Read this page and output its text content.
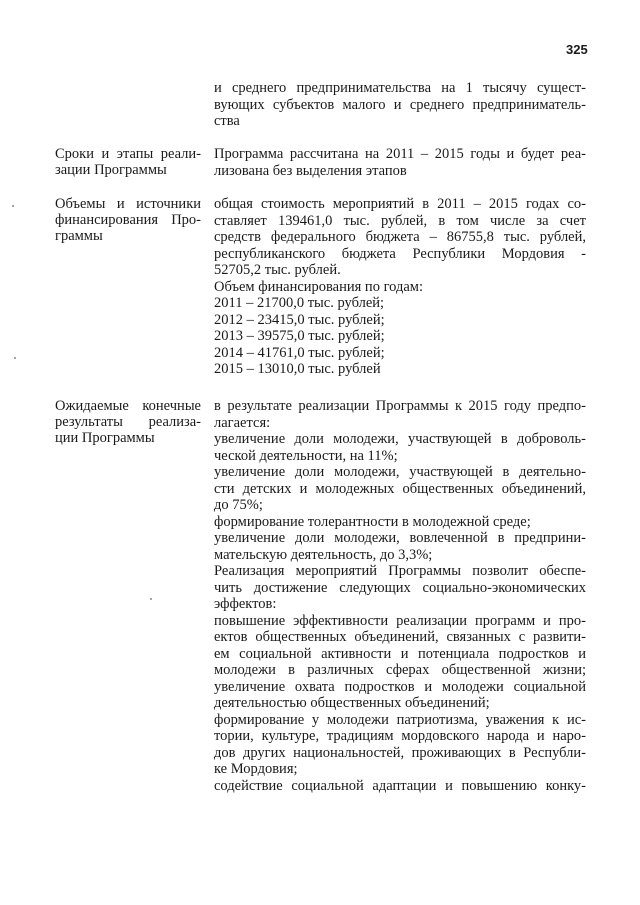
325
и среднего предпринимательства на 1 тысячу сущест-
вующих субъектов малого и среднего предприниматель-
ства
Сроки и этапы реали-
зации Программы
Программа рассчитана на 2011 – 2015 годы и будет реа-
лизована без выделения этапов
Объемы и источники
финансирования Про-
граммы
общая стоимость мероприятий в 2011 – 2015 годах со-
ставляет 139461,0 тыс. рублей, в том числе за счет
средств федерального бюджета – 86755,8 тыс. рублей,
республиканского бюджета Республики Мордовия -
52705,2 тыс. рублей.
Объем финансирования по годам:
2011 – 21700,0 тыс. рублей;
2012 – 23415,0 тыс. рублей;
2013 – 39575,0 тыс. рублей;
2014 – 41761,0 тыс. рублей;
2015 – 13010,0 тыс. рублей
Ожидаемые конечные
результаты реализа-
ции Программы
в результате реализации Программы к 2015 году предпо-
лагается:
увеличение доли молодежи, участвующей в доброволь-
ческой деятельности, на 11%;
увеличение доли молодежи, участвующей в деятельно-
сти детских и молодежных общественных объединений,
до 75%;
формирование толерантности в молодежной среде;
увеличение доли молодежи, вовлеченной в предприни-
мательскую деятельность, до 3,3%;
Реализация мероприятий Программы позволит обеспе-
чить достижение следующих социально-экономических
эффектов:
повышение эффективности реализации программ и про-
ектов общественных объединений, связанных с развити-
ем социальной активности и потенциала подростков и
молодежи в различных сферах общественной жизни;
увеличение охвата подростков и молодежи социальной
деятельностью общественных объединений;
формирование у молодежи патриотизма, уважения к ис-
тории, культуре, традициям мордовского народа и наро-
дов других национальностей, проживающих в Республи-
ке Мордовия;
содействие социальной адаптации и повышению конку-
